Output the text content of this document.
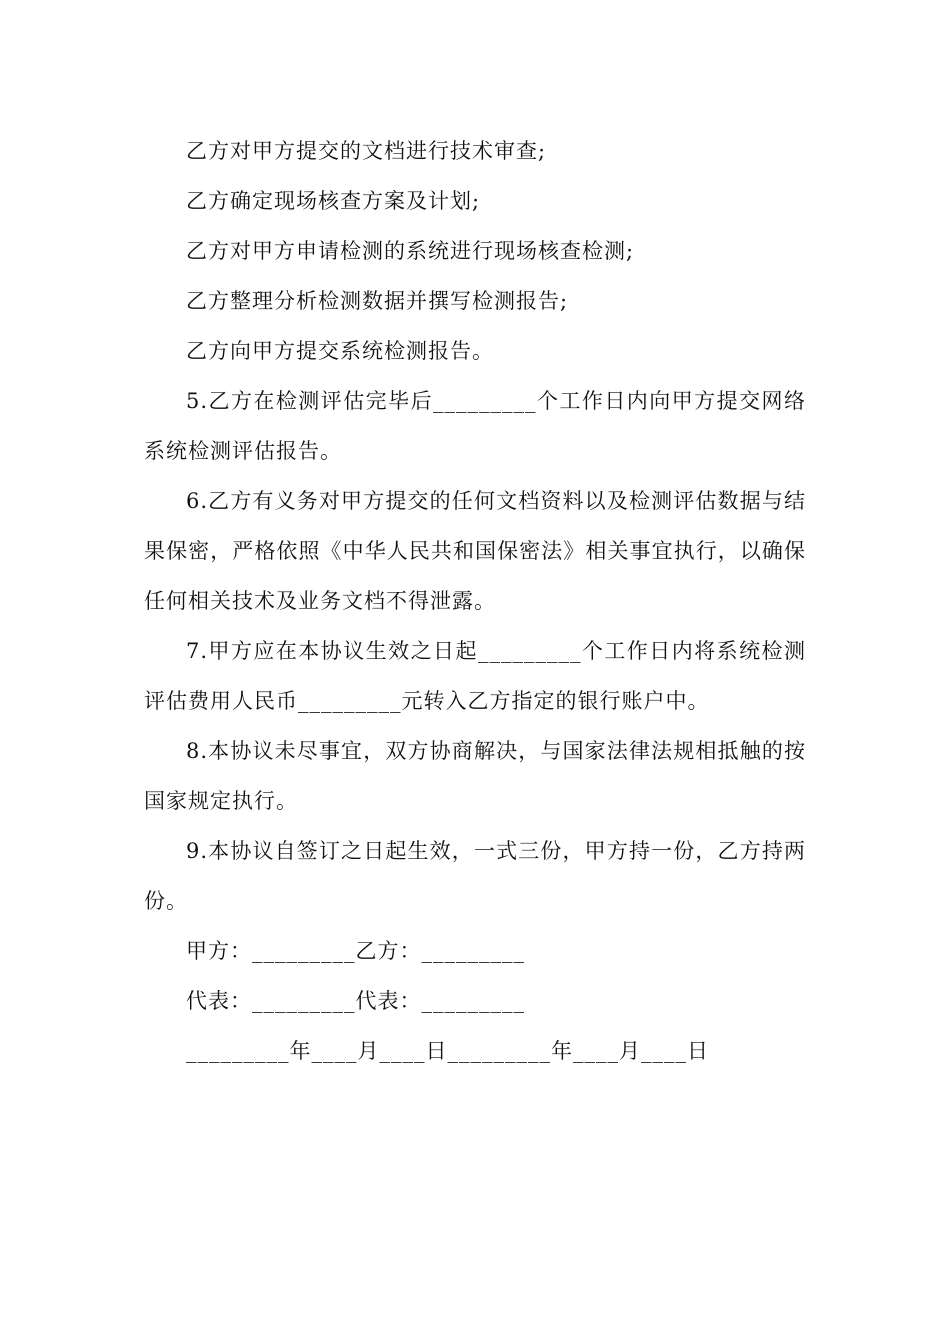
乙方对甲方提交的文档进行技术审查;

乙方确定现场核查方案及计划;

乙方对甲方申请检测的系统进行现场核查检测;

乙方整理分析检测数据并撰写检测报告;

乙方向甲方提交系统检测报告。

5.乙方在检测评估完毕后_________个工作日内向甲方提交网络系统检测评估报告。

6.乙方有义务对甲方提交的任何文档资料以及检测评估数据与结果保密，严格依照《中华人民共和国保密法》相关事宜执行，以确保任何相关技术及业务文档不得泄露。

7.甲方应在本协议生效之日起_________个工作日内将系统检测评估费用人民币_________元转入乙方指定的银行账户中。

8.本协议未尽事宜，双方协商解决，与国家法律法规相抵触的按国家规定执行。

9.本协议自签订之日起生效，一式三份，甲方持一份，乙方持两份。

甲方：_________乙方：_________

代表：_________代表：_________

_________年____月____日_________年____月____日
